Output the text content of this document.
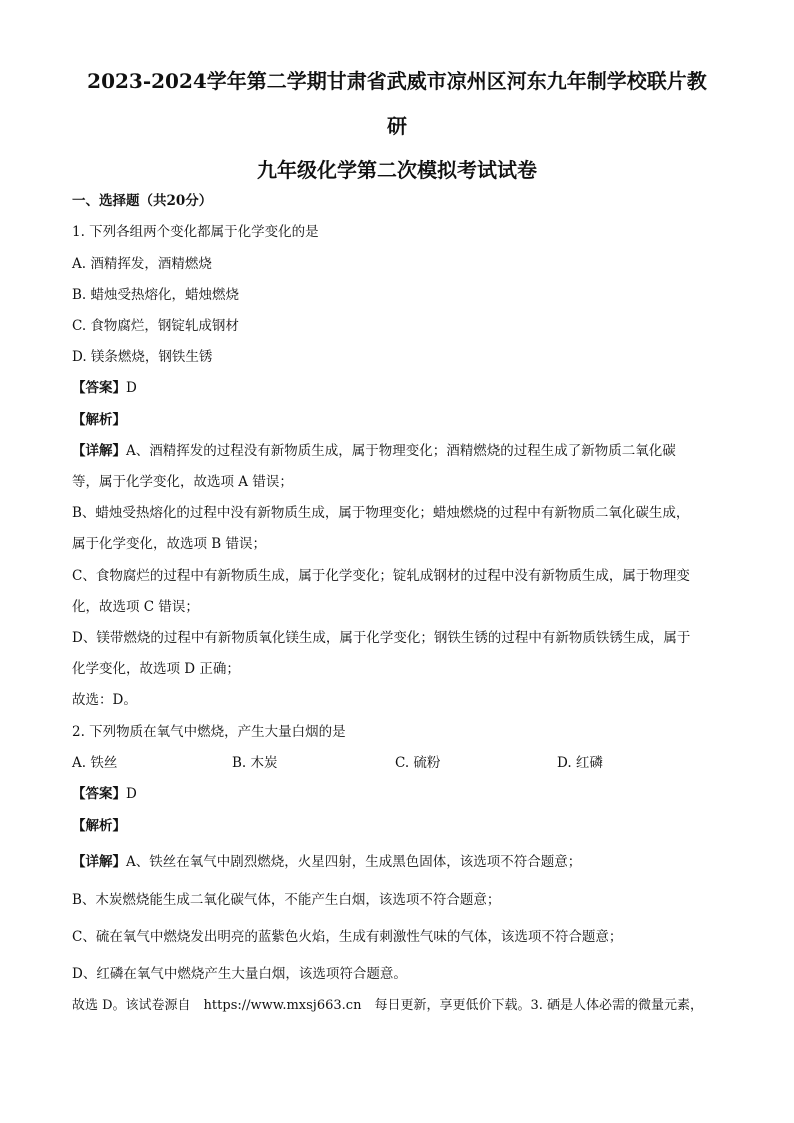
2023-2024学年第二学期甘肃省武威市凉州区河东九年制学校联片教
研
九年级化学第二次模拟考试试卷
一、选择题（共20分）
1. 下列各组两个变化都属于化学变化的是
A. 酒精挥发，酒精燃烧
B. 蜡烛受热熔化，蜡烛燃烧
C. 食物腐烂，钢锭轧成钢材
D. 镁条燃烧，钢铁生锈
【答案】D
【解析】
【详解】A、酒精挥发的过程没有新物质生成，属于物理变化；酒精燃烧的过程生成了新物质二氧化碳
等，属于化学变化，故选项 A 错误；
B、蜡烛受热熔化的过程中没有新物质生成，属于物理变化；蜡烛燃烧的过程中有新物质二氧化碳生成，
属于化学变化，故选项 B 错误；
C、食物腐烂的过程中有新物质生成，属于化学变化；锭轧成钢材的过程中没有新物质生成，属于物理变
化，故选项 C 错误；
D、镁带燃烧的过程中有新物质氧化镁生成，属于化学变化；钢铁生锈的过程中有新物质铁锈生成，属于
化学变化，故选项 D 正确；
故选：D。
2. 下列物质在氧气中燃烧，产生大量白烟的是
A. 铁丝	B. 木炭	C. 硫粉	D. 红磷
【答案】D
【解析】
【详解】A、铁丝在氧气中剧烈燃烧，火星四射，生成黑色固体，该选项不符合题意；
B、木炭燃烧能生成二氧化碳气体，不能产生白烟，该选项不符合题意；
C、硫在氧气中燃烧发出明亮的蓝紫色火焰，生成有刺激性气味的气体，该选项不符合题意；
D、红磷在氧气中燃烧产生大量白烟，该选项符合题意。
故选 D。该试卷源自　https://www.mxsj663.cn　每日更新，享更低价下载。3. 硒是人体必需的微量元素，
